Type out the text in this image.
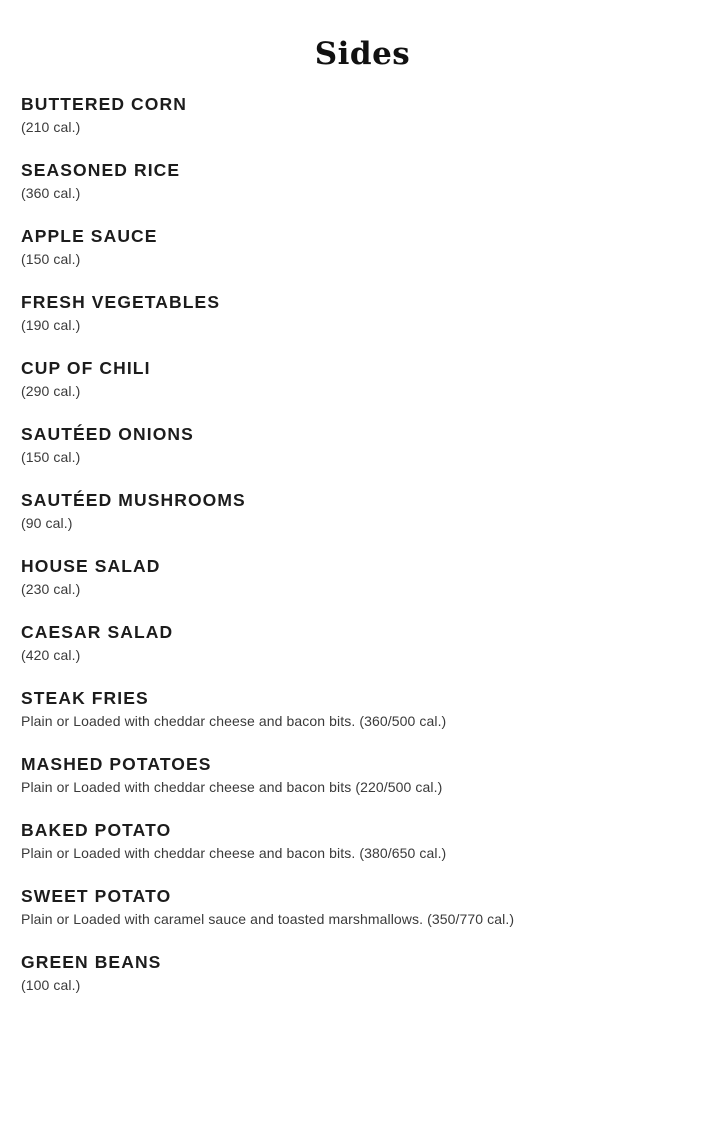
Sides
BUTTERED CORN
(210 cal.)
SEASONED RICE
(360 cal.)
APPLE SAUCE
(150 cal.)
FRESH VEGETABLES
(190 cal.)
CUP OF CHILI
(290 cal.)
SAUTÉED ONIONS
(150 cal.)
SAUTÉED MUSHROOMS
(90 cal.)
HOUSE SALAD
(230 cal.)
CAESAR SALAD
(420 cal.)
STEAK FRIES
Plain or Loaded with cheddar cheese and bacon bits. (360/500 cal.)
MASHED POTATOES
Plain or Loaded with cheddar cheese and bacon bits (220/500 cal.)
BAKED POTATO
Plain or Loaded with cheddar cheese and bacon bits. (380/650 cal.)
SWEET POTATO
Plain or Loaded with caramel sauce and toasted marshmallows. (350/770 cal.)
GREEN BEANS
(100 cal.)
